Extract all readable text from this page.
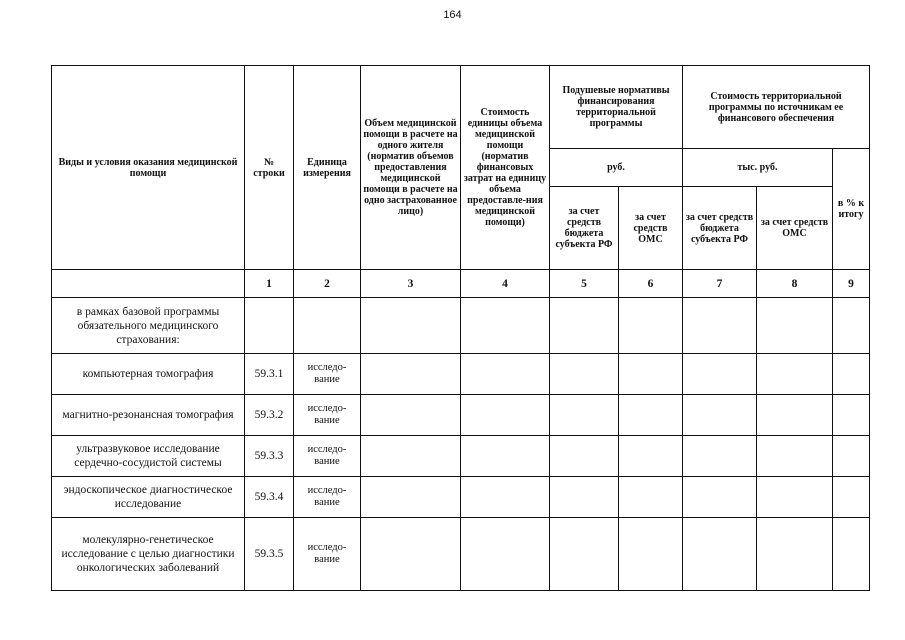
164
Виды и условия оказания медицинской помощи	№ строки	Единица измерения	Объем медицинской помощи в расчете на одного жителя (норматив объемов предоставления медицинской помощи в расчете на одно застрахованное лицо)	Стоимость единицы объема медицинской помощи (норматив финансовых затрат на единицу объема предоставле-ния медицинской помощи)	Подушевые нормативы финансирования территориальной программы		Стоимость территориальной программы по источникам ее финансового обеспечения		
					руб.		тыс. руб.		в % к итогу
					за счет средств бюджета субъекта РФ	за счет средств ОМС	за счет средств бюджета субъекта РФ	за счет средств ОМС	
	1	2	3	4	5	6	7	8	9
в рамках базовой программы обязательного медицинского страхования:									
компьютерная томография	59.3.1	исследо-вание							
магнитно-резонансная томография	59.3.2	исследо-вание							
ультразвуковое исследование сердечно-сосудистой системы	59.3.3	исследо-вание							
эндоскопическое диагностическое исследование	59.3.4	исследо-вание							
молекулярно-генетическое исследование с целью диагностики онкологических заболеваний	59.3.5	исследо-вание							
